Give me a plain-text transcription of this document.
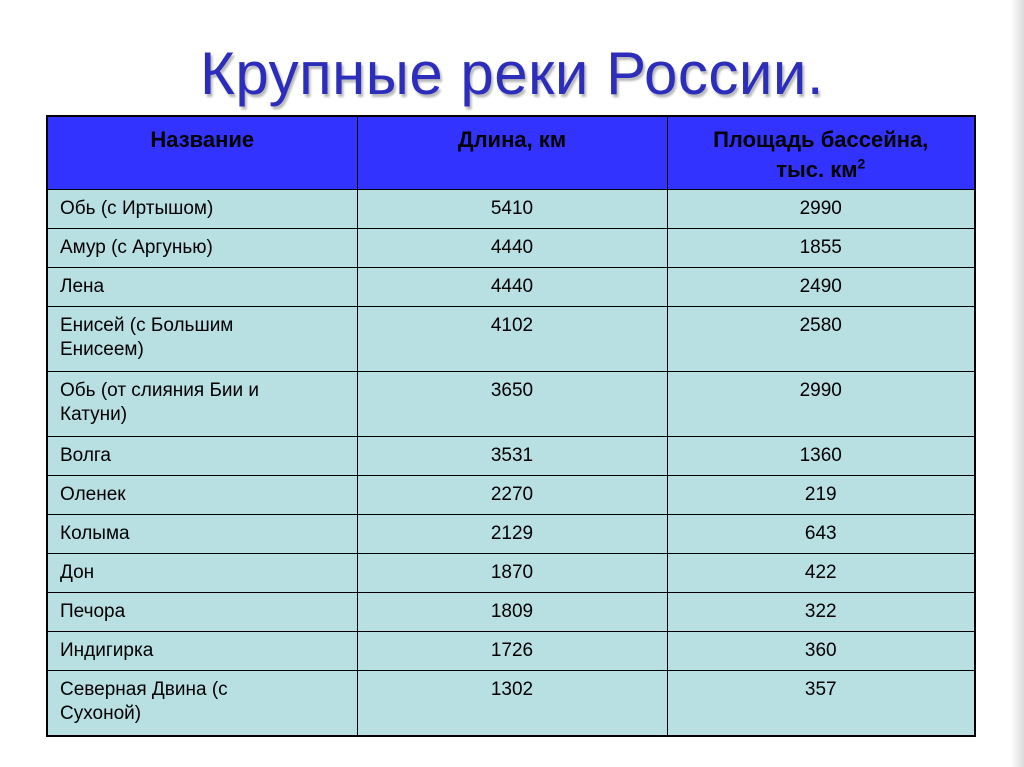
Крупные реки России.
Название	Длина, км	Площадь бассейна,
тыс. $км^2$
Обь (с Иртышом)	5410	2990
Амур (с Аргунью)	4440	1855
Лена	4440	2490
Енисей (с Большим
Енисеем)	4102	2580
Обь (от слияния Бии и
Катуни)	3650	2990
Волга	3531	1360
Оленек	2270	219
Колыма	2129	643
Дон	1870	422
Печора	1809	322
Индигирка	1726	360
Северная Двина (с
Сухоной)	1302	357
